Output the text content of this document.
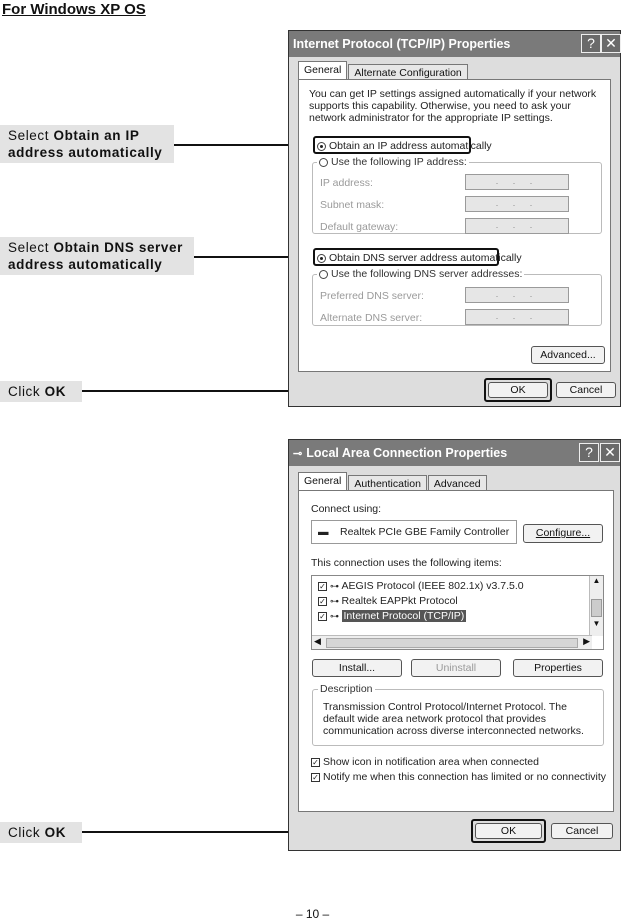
For Windows XP OS
Select Obtain an IP
address automatically
Select Obtain DNS server
address automatically
Click OK
Click OK
Internet Protocol (TCP/IP) Properties	? ✕
General	Alternate Configuration
You can get IP settings assigned automatically if your network supports this capability. Otherwise, you need to ask your network administrator for the appropriate IP settings.
Obtain an IP address automatically
Use the following IP address:
IP address:	. . .
Subnet mask:	. . .
Default gateway:	. . .
Obtain DNS server address automatically
Use the following DNS server addresses:
Preferred DNS server:	. . .
Alternate DNS server:	. . .
Advanced...
OK	Cancel
⊸ Local Area Connection Properties	? ✕
General	Authentication	Advanced
Connect using:
▬ Realtek PCIe GBE Family Controller	Configure...
This connection uses the following items:
✓ ⊶ AEGIS Protocol (IEEE 802.1x) v3.7.5.0
✓ ⊶ Realtek EAPPkt Protocol
✓ ⊶ Internet Protocol (TCP/IP)
▲
▼
◀	▶
Install...	Uninstall	Properties
Description
Transmission Control Protocol/Internet Protocol. The default wide area network protocol that provides communication across diverse interconnected networks.
✓ Show icon in notification area when connected
✓ Notify me when this connection has limited or no connectivity
OK	Cancel
– 10 –
